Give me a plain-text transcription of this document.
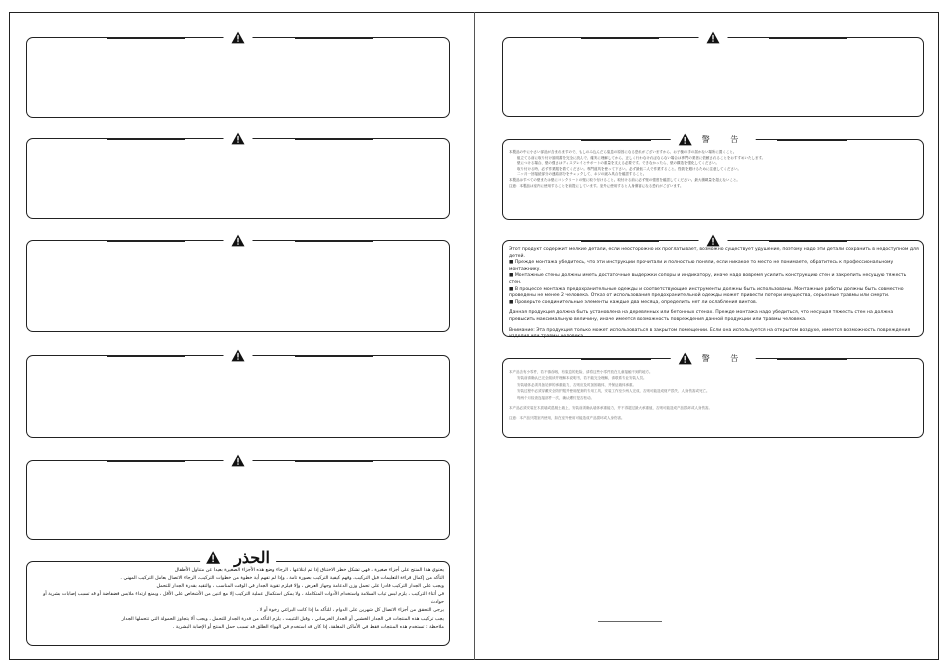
الحذر

يحتوي هذا المنتج على أجزاء صغيرة ، فهي تشكل خطر الاختناق إذا تم ابتلاعها ، الرجاء وضع هذه الأجزاء الصغيرة بعيدا عن متناول الأطفال

التأكد من إكمال قراءة التعليمات قبل التركيب، وفهم كيفية التركيب بصورة تامة ، وإذا لم تفهم أية خطوة من خطوات التركيب، الرجاء الاتصال بعامل التركيب المهني .

ويجب على الجدار التركيب قادرا على تحمل وزن الدعامة وجهاز العرض ، وإلا فيلزم تقوية الجدار في الوقت المناسب ، والتقيد بقدرة الجدار للتحمل

في أثناء التركيب ، يلزم لبس ثياب السلامة واستخدام الأدوات المتكاملة ، ولا يمكن استكمال عملية التركيب إلا مع اثنين من الأشخاص على الأقل ، ويمنع ارتداء ملابس فضفاضة أو قد تسبب إصابات بشرية أو حوادث

يرجى التحقق من أجزاء الاتصال كل شهرين على الدوام ، للتأكد ما إذا كانت البراغي رخوة أو لا .

يجب تركيب هذه المنتجات في الجدار الخشبي أو الجدار الخرساني ، وقبل التثبيت ، يلزم التأكد من قدرة الجدار للتحمل ، ويجب ألا يتجاوز الحمولة التي تتحملها الجدار

ملاحظة : تستخدم هذه المنتجات فقط في الأماكن المغلقة، إذا كان قد استخدم في الهواء الطلق قد تسبب حمل المنتج أو الإصابة البشرية .

警 告

本製品の中に小さい部品が含まれますので、もしのみ込んだら窒息の原因になる恐れがございますから、お子様の手の届かない場所に置くこと。

組立てる前に取り付け説明書を完全に読んで、確実に理解してから、正しく行わなければならない場合は専門の業者に依頼されることをおすすめいたします。

壁につける場合、壁の強さはディスプレイとサポートの重量を支える必要です。できなかったら、壁の構造を強化してください。

取り付ける時、必ず作業服を着てください。専門道具を使って下さい。必ず最低二人で作業すること。怪我を避けるために注意してください。

二ヶ月一回接続部分の連結部分をチェックして、ネジの緩み具合を確認すること。

本製品はすべての壁または壁にコンクリートの壁に取り付けること。取付ける前に必ず壁の強度を確認してください。最大積載量を超えないこと。

注意：本製品は室内に使用することを前提にしています。室外に使用すると人身傷害になる恐れがございます。

Этот продукт содержит мелкие детали, если неосторожно их проглатывает, возможно существует удушение, поэтому надо эти детали сохранить в недоступном для детей.

■ Прежде монтажа убедитесь, что эти инструкции прочитали и полностью поняли, если никакое то место не понимаете, обратитесь к профессиональному монтажнику.

■ Монтажные стены должны иметь достаточные выдержки сопоры и индикатору, иначе надо вовремя усилить конструкцию стен и закрепить несущую тяжесть стен.

■ В процессе монтажа предохранительные одежды и соответствующие инструменты должны быть использованы. Монтажные работы должны быть совместно проведены не менее 2 человека. Отказ от использования предохранительной одежды может привести потери имущества, серьезные травмы или смерти.

■ Проверьте соединительные элементы каждые два месяца, определить нет ли ослабления винтов.

Данная продукция должна быть установлена на деревянных или бетонных стенах. Прежде монтажа надо убедиться, что несущая тяжесть стен на должна превысить максимальную величину, иначе имеется возможность повреждения данной продукции или травмы человека.

Внимание: Эта продукция только может использоваться в закрытом помещении. Если она используется на открытом воздухе, имеется возможность повреждения изделия или травмы человека.

警 告

本产品含有小零件，若不慎吞咽，有窒息的危险，请将这些小零件放在儿童接触不到的地方。

安装前请确认已完全阅读并理解本说明书，若不能完全理解，请联系专业安装人员。

安装墙体必须具备足够的承重能力，否则应及时加固墙体，并保证墙体承重。

安装过程中必须穿戴安全防护服并使用配套的专用工具，安装工作至少两人完成，否则可能造成财产损失、人身伤害或死亡。

每两个月检查连接部件一次，确认螺钉是否松动。

本产品必须安装在木质墙或混凝土墙上，安装前须确认墙体承重能力，并不得超过最大承重值，否则可能造成产品损坏或人身伤害。

注意：本产品只限室内使用，如在室外使用可能造成产品损坏或人身伤害。
